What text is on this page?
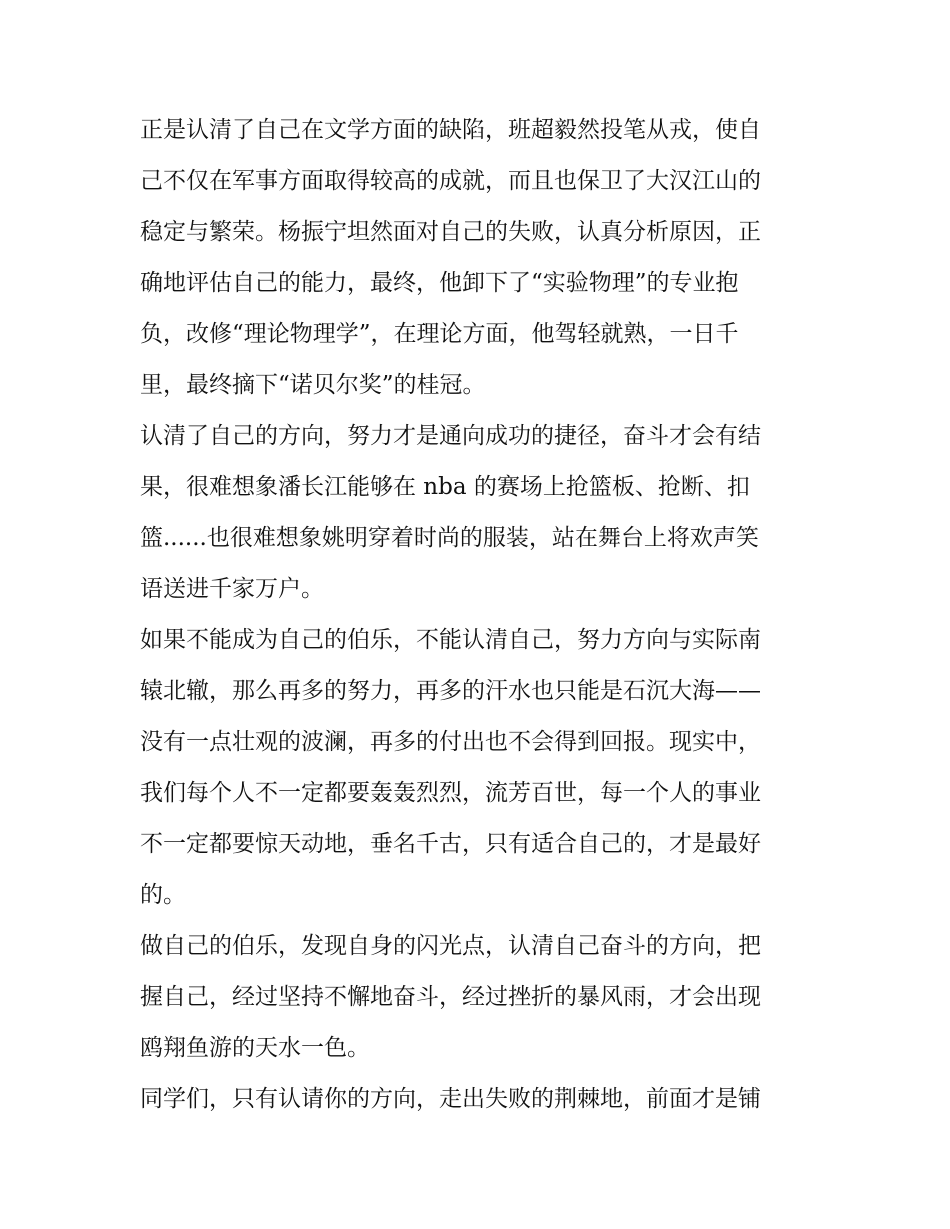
正是认清了自己在文学方面的缺陷，班超毅然投笔从戎，使自
己不仅在军事方面取得较高的成就，而且也保卫了大汉江山的
稳定与繁荣。杨振宁坦然面对自己的失败，认真分析原因，正
确地评估自己的能力，最终，他卸下了“实验物理”的专业抱
负，改修“理论物理学”，在理论方面，他驾轻就熟，一日千
里，最终摘下“诺贝尔奖”的桂冠。
认清了自己的方向，努力才是通向成功的捷径，奋斗才会有结
果，很难想象潘长江能够在 nba 的赛场上抢篮板、抢断、扣
篮......也很难想象姚明穿着时尚的服装，站在舞台上将欢声笑
语送进千家万户。
如果不能成为自己的伯乐，不能认清自己，努力方向与实际南
辕北辙，那么再多的努力，再多的汗水也只能是石沉大海——
没有一点壮观的波澜，再多的付出也不会得到回报。现实中，
我们每个人不一定都要轰轰烈烈，流芳百世，每一个人的事业
不一定都要惊天动地，垂名千古，只有适合自己的，才是最好
的。
做自己的伯乐，发现自身的闪光点，认清自己奋斗的方向，把
握自己，经过坚持不懈地奋斗，经过挫折的暴风雨，才会出现
鸥翔鱼游的天水一色。
同学们，只有认请你的方向，走出失败的荆棘地，前面才是铺
